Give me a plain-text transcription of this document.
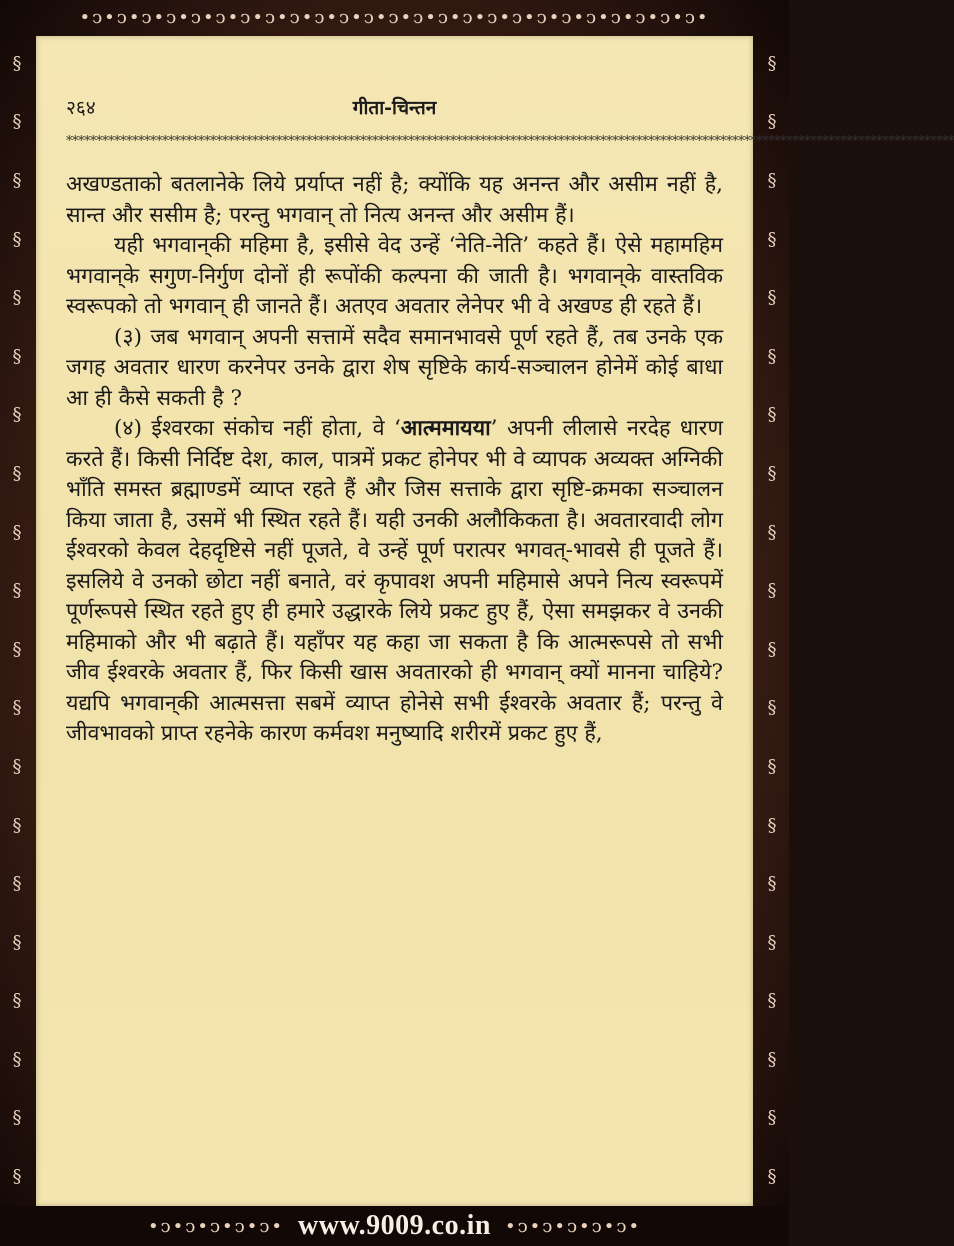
•ↄ•ↄ•ↄ•ↄ•ↄ•ↄ•ↄ•ↄ•ↄ•ↄ•ↄ•ↄ•ↄ•ↄ•ↄ•ↄ•ↄ•ↄ•ↄ•ↄ•ↄ•ↄ•ↄ•ↄ•ↄ•
§
§
§
§
§
§
§
§
§
§
§
§
§
§
§
§
§
§
§
§
§
§
§
§
§
§
§
§
§
§
§
§
§
§
§
§
§
§
§
§
२६४	गीता-चिन्तन
****************************************************************************************************************************************************

अखण्डताको बतलानेके लिये प्रर्याप्त नहीं है; क्योंकि यह अनन्त और असीम नहीं है, सान्त और ससीम है; परन्तु भगवान् तो नित्य अनन्त और असीम हैं।

यही भगवान्‌की महिमा है, इसीसे वेद उन्हें ‘नेति-नेति’ कहते हैं। ऐसे महामहिम भगवान्‌के सगुण-निर्गुण दोनों ही रूपोंकी कल्पना की जाती है। भगवान्‌के वास्तविक स्वरूपको तो भगवान् ही जानते हैं। अतएव अवतार लेनेपर भी वे अखण्ड ही रहते हैं।

(३) जब भगवान् अपनी सत्तामें सदैव समानभावसे पूर्ण रहते हैं, तब उनके एक जगह अवतार धारण करनेपर उनके द्वारा शेष सृष्टिके कार्य-सञ्चालन होनेमें कोई बाधा आ ही कैसे सकती है ?

(४) ईश्वरका संकोच नहीं होता, वे ‘आत्ममायया’ अपनी लीलासे नरदेह धारण करते हैं। किसी निर्दिष्ट देश, काल, पात्रमें प्रकट होनेपर भी वे व्यापक अव्यक्त अग्निकी भाँति समस्त ब्रह्माण्डमें व्याप्त रहते हैं और जिस सत्ताके द्वारा सृष्टि-क्रमका सञ्चालन किया जाता है, उसमें भी स्थित रहते हैं। यही उनकी अलौकिकता है। अवतारवादी लोग ईश्वरको केवल देहदृष्टिसे नहीं पूजते, वे उन्हें पूर्ण परात्पर भगवत्-भावसे ही पूजते हैं। इसलिये वे उनको छोटा नहीं बनाते, वरं कृपावश अपनी महिमासे अपने नित्य स्वरूपमें पूर्णरूपसे स्थित रहते हुए ही हमारे उद्धारके लिये प्रकट हुए हैं, ऐसा समझकर वे उनकी महिमाको और भी बढ़ाते हैं। यहाँपर यह कहा जा सकता है कि आत्मरूपसे तो सभी जीव ईश्वरके अवतार हैं, फिर किसी खास अवतारको ही भगवान् क्यों मानना चाहिये? यद्यपि भगवान्‌की आत्मसत्ता सबमें व्याप्त होनेसे सभी ईश्वरके अवतार हैं; परन्तु वे जीवभावको प्राप्त रहनेके कारण कर्मवश मनुष्यादि शरीरमें प्रकट हुए हैं,

•ↄ•ↄ•ↄ•ↄ•ↄ• www.9009.co.in •ↄ•ↄ•ↄ•ↄ•ↄ•
